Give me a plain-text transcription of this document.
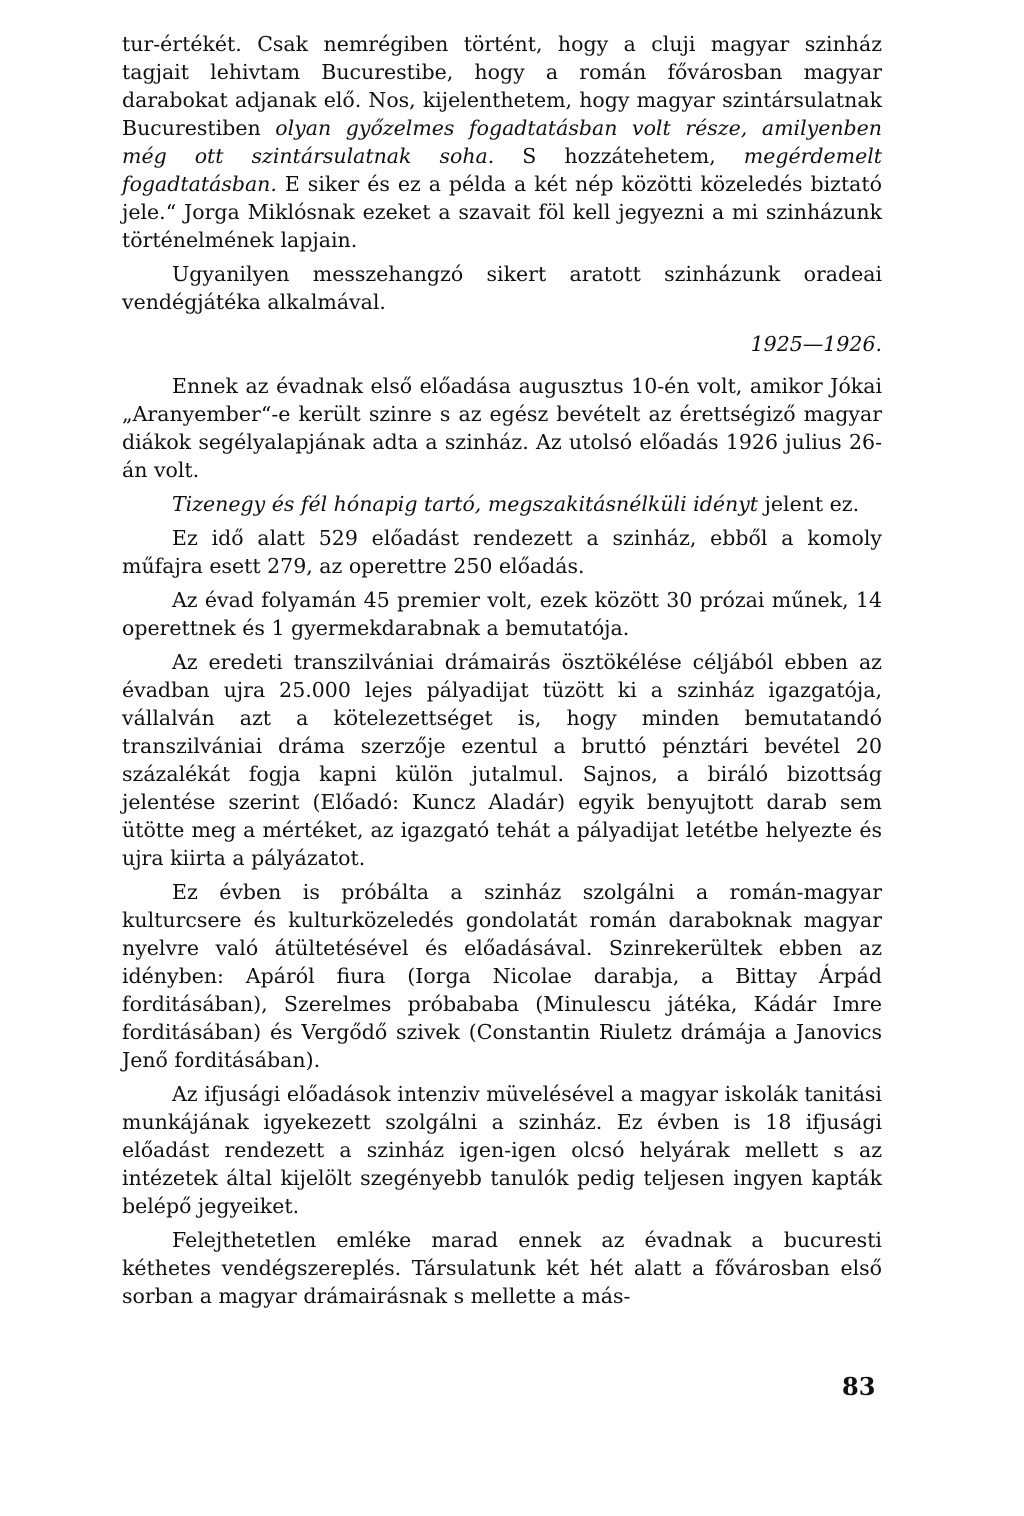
tur-értékét. Csak nemrégiben történt, hogy a cluji magyar szinház tagjait lehivtam Bucurestibe, hogy a román fővárosban magyar darabokat adjanak elő. Nos, kijelenthetem, hogy magyar szintársulatnak Bucurestiben olyan győzelmes fogadtatásban volt része, amilyenben még ott szintársulatnak soha. S hozzátehetem, megérdemelt fogadtatásban. E siker és ez a példa a két nép közötti közeledés biztató jele.“ Jorga Miklósnak ezeket a szavait föl kell jegyezni a mi szinházunk történelmének lapjain.

Ugyanilyen messzehangzó sikert aratott szinházunk oradeai vendégjátéka alkalmával.

1925—1926.

Ennek az évadnak első előadása augusztus 10-én volt, amikor Jókai „Aranyember“-e került szinre s az egész bevételt az érettségiző magyar diákok segélyalapjának adta a szinház. Az utolsó előadás 1926 julius 26-án volt.

Tizenegy és fél hónapig tartó, megszakitásnélküli idényt jelent ez.

Ez idő alatt 529 előadást rendezett a szinház, ebből a komoly műfajra esett 279, az operettre 250 előadás.

Az évad folyamán 45 premier volt, ezek között 30 prózai műnek, 14 operettnek és 1 gyermekdarabnak a bemutatója.

Az eredeti transzilvániai drámairás ösztökélése céljából ebben az évadban ujra 25.000 lejes pályadijat tüzött ki a szinház igazgatója, vállalván azt a kötelezettséget is, hogy minden bemutatandó transzilvániai dráma szerzője ezentul a bruttó pénztári bevétel 20 százalékát fogja kapni külön jutalmul. Sajnos, a biráló bizottság jelentése szerint (Előadó: Kuncz Aladár) egyik benyujtott darab sem ütötte meg a mértéket, az igazgató tehát a pályadijat letétbe helyezte és ujra kiirta a pályázatot.

Ez évben is próbálta a szinház szolgálni a román-magyar kulturcsere és kulturközeledés gondolatát román daraboknak magyar nyelvre való átültetésével és előadásával. Szinrekerültek ebben az idényben: Apáról fiura (Iorga Nicolae darabja, a Bittay Árpád forditásában), Szerelmes próbababa (Minulescu játéka, Kádár Imre forditásában) és Vergődő szivek (Constantin Riuletz drámája a Janovics Jenő forditásában).

Az ifjusági előadások intenziv müvelésével a magyar iskolák tanitási munkájának igyekezett szolgálni a szinház. Ez évben is 18 ifjusági előadást rendezett a szinház igen-igen olcsó helyárak mellett s az intézetek által kijelölt szegényebb tanulók pedig teljesen ingyen kapták belépő jegyeiket.

Felejthetetlen emléke marad ennek az évadnak a bucuresti kéthetes vendégszereplés. Társulatunk két hét alatt a fővárosban első sorban a magyar drámairásnak s mellette a más-

83
